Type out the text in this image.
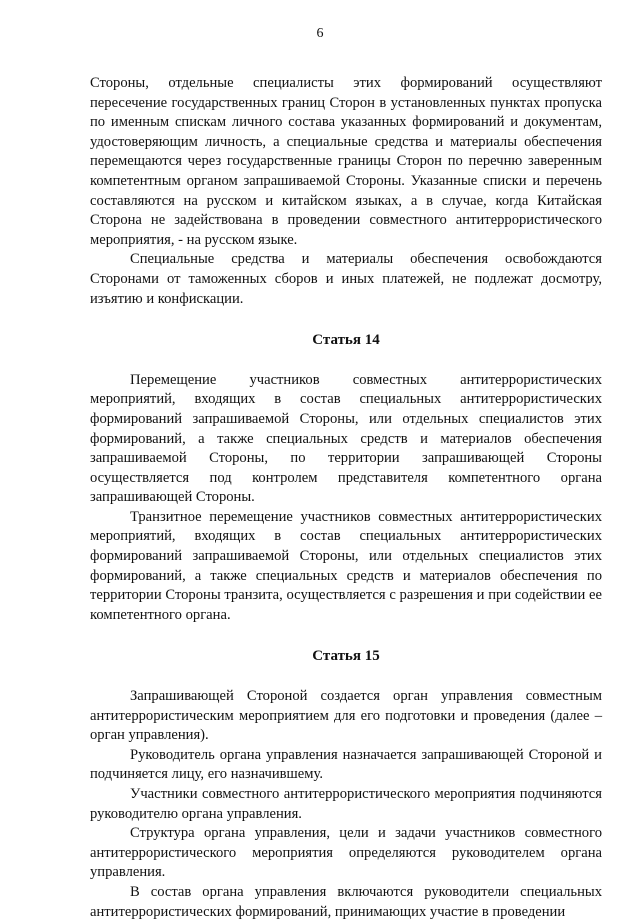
6

Стороны, отдельные специалисты этих формирований осуществляют пересечение государственных границ Сторон в установленных пунктах пропуска по именным спискам личного состава указанных формирований и документам, удостоверяющим личность, а специальные средства и материалы обеспечения перемещаются через государственные границы Сторон по перечню заверенным компетентным органом запрашиваемой Стороны. Указанные списки и перечень составляются на русском и китайском языках, а в случае, когда Китайская Сторона не задействована в проведении совместного антитеррористического мероприятия, - на русском языке.

Специальные средства и материалы обеспечения освобождаются Сторонами от таможенных сборов и иных платежей, не подлежат досмотру, изъятию и конфискации.

Статья 14

Перемещение участников совместных антитеррористических мероприятий, входящих в состав специальных антитеррористических формирований запрашиваемой Стороны, или отдельных специалистов этих формирований, а также специальных средств и материалов обеспечения запрашиваемой Стороны, по территории запрашивающей Стороны осуществляется под контролем представителя компетентного органа запрашивающей Стороны.

Транзитное перемещение участников совместных антитеррористических мероприятий, входящих в состав специальных антитеррористических формирований запрашиваемой Стороны, или отдельных специалистов этих формирований, а также специальных средств и материалов обеспечения по территории Стороны транзита, осуществляется с разрешения и при содействии ее компетентного органа.

Статья 15

Запрашивающей Стороной создается орган управления совместным антитеррористическим мероприятием для его подготовки и проведения (далее – орган управления).

Руководитель органа управления назначается запрашивающей Стороной и подчиняется лицу, его назначившему.

Участники совместного антитеррористического мероприятия подчиняются руководителю органа управления.

Структура органа управления, цели и задачи участников совместного антитеррористического мероприятия определяются руководителем органа управления.

В состав органа управления включаются руководители специальных антитеррористических формирований, принимающих участие в проведении
